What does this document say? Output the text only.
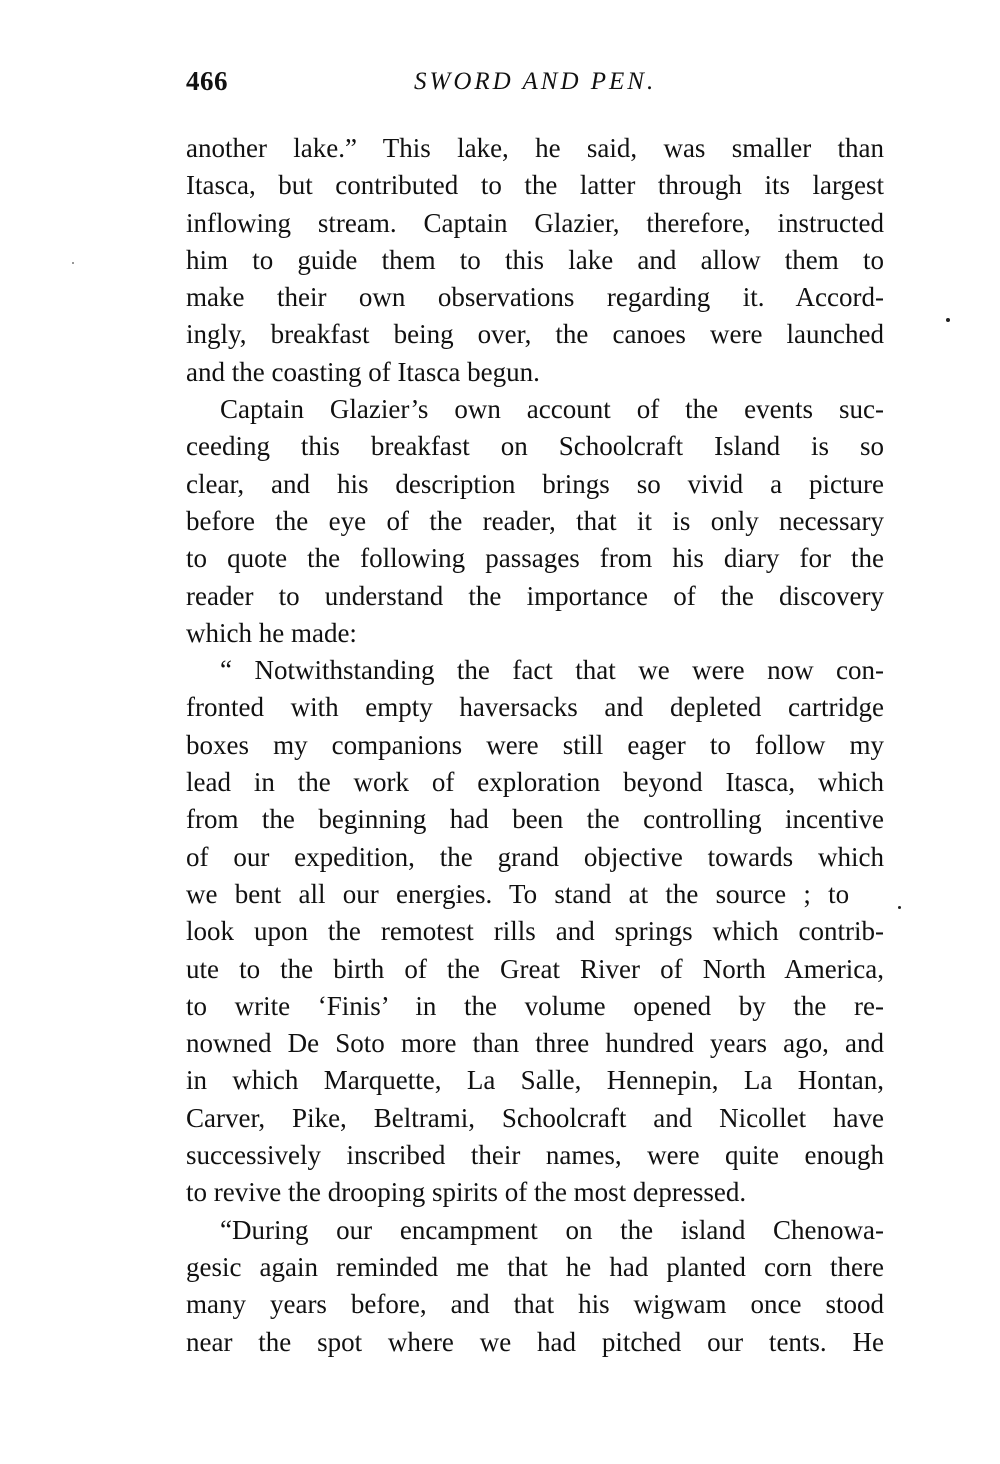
466	SWORD AND PEN.
another lake.” This lake, he said, was smaller than
Itasca, but contributed to the latter through its largest
inflowing stream. Captain Glazier, therefore, instructed
him to guide them to this lake and allow them to
make their own observations regarding it. Accord-
ingly, breakfast being over, the canoes were launched
and the coasting of Itasca begun.
Captain Glazier’s own account of the events suc-
ceeding this breakfast on Schoolcraft Island is so
clear, and his description brings so vivid a picture
before the eye of the reader, that it is only necessary
to quote the following passages from his diary for the
reader to understand the importance of the discovery
which he made:
“ Notwithstanding the fact that we were now con-
fronted with empty haversacks and depleted cartridge
boxes my companions were still eager to follow my
lead in the work of exploration beyond Itasca, which
from the beginning had been the controlling incentive
of our expedition, the grand objective towards which
we bent all our energies. To stand at the source ; to
look upon the remotest rills and springs which contrib-
ute to the birth of the Great River of North America,
to write ‘Finis’ in the volume opened by the re-
nowned De Soto more than three hundred years ago, and
in which Marquette, La Salle, Hennepin, La Hontan,
Carver, Pike, Beltrami, Schoolcraft and Nicollet have
successively inscribed their names, were quite enough
to revive the drooping spirits of the most depressed.
“During our encampment on the island Chenowa-
gesic again reminded me that he had planted corn there
many years before, and that his wigwam once stood
near the spot where we had pitched our tents. He
